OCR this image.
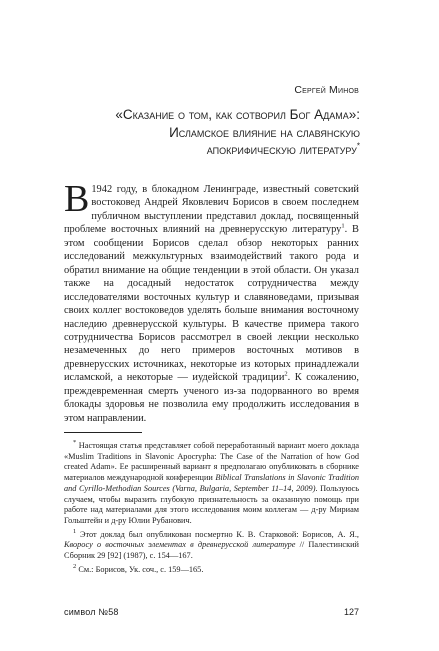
Сергей Минов
«Сказание о том, как сотворил Бог Адама»:
Исламское влияние на славянскую
апокрифическую литературу*

В 1942 году, в блокадном Ленинграде, известный советский востоковед Андрей Яковлевич Борисов в своем последнем публичном выступлении представил доклад, посвященный проблеме восточных влияний на древнерусскую литературу$^1$. В этом сообщении Борисов сделал обзор некоторых ранних исследований межкультурных взаимодействий такого рода и обратил внимание на общие тенденции в этой области. Он указал также на досадный недостаток сотрудничества между исследователями восточных культур и славяноведами, призывая своих коллег востоковедов уделять больше внимания восточному наследию древнерусской культуры. В качестве примера такого сотрудничества Борисов рассмотрел в своей лекции несколько незамеченных до него примеров восточных мотивов в древнерусских источниках, некоторые из которых принадлежали исламской, а некоторые — иудейской традиции$^2$. К сожалению, преждевременная смерть ученого из-за подорванного во время блокады здоровья не позволила ему продолжить исследования в этом направлении.

* Настоящая статья представляет собой переработанный вариант моего доклада «Muslim Traditions in Slavonic Apocrypha: The Case of the Narration of how God created Adam». Ее расширенный вариант я предполагаю опубликовать в сборнике материалов международной конференции Biblical Translations in Slavonic Tradition and Cyrillo-Methodian Sources (Varna, Bulgaria, September 11–14, 2009). Пользуюсь случаем, чтобы выразить глубокую признательность за оказанную помощь при работе над материалами для этого исследования моим коллегам — д-ру Мириам Гольштейн и д-ру Юлии Рубанович.

$^1$ Этот доклад был опубликован посмертно К. В. Старковой: Борисов, А. Я., Кворосу о восточных элементах в древнерусской литературе // Палестинский Сборник 29 [92] (1987), с. 154—167.

$^2$ См.: Борисов, Ук. соч., с. 159—165.

символ №58	127
